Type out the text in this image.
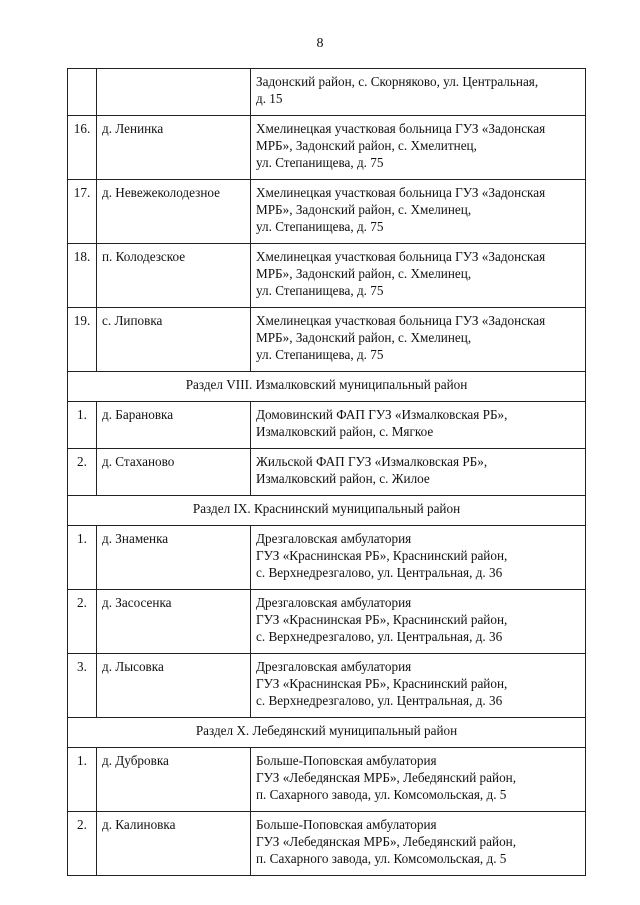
8

		Задонский район, с. Скорняково, ул. Центральная,
д. 15

16.	д. Ленинка	Хмелинецкая участковая больница ГУЗ «Задонская
МРБ», Задонский район, с. Хмелитнец,
ул. Степанищева, д. 75

17.	д. Невежеколодезное	Хмелинецкая участковая больница ГУЗ «Задонская
МРБ», Задонский район, с. Хмелинец,
ул. Степанищева, д. 75

18.	п. Колодезское	Хмелинецкая участковая больница ГУЗ «Задонская
МРБ», Задонский район, с. Хмелинец,
ул. Степанищева, д. 75

19.	с. Липовка	Хмелинецкая участковая больница ГУЗ «Задонская
МРБ», Задонский район, с. Хмелинец,
ул. Степанищева, д. 75

Раздел VIII. Измалковский муниципальный район		
1.	д. Барановка	Домовинский ФАП ГУЗ «Измалковская РБ»,
Измалковский район, с. Мягкое

2.	д. Стаханово	Жильской ФАП ГУЗ «Измалковская РБ»,
Измалковский район, с. Жилое

Раздел IX. Краснинский муниципальный район		
1.	д. Знаменка	Дрезгаловская амбулатория
ГУЗ «Краснинская РБ», Краснинский район,
с. Верхнедрезгалово, ул. Центральная, д. 36

2.	д. Засосенка	Дрезгаловская амбулатория
ГУЗ «Краснинская РБ», Краснинский район,
с. Верхнедрезгалово, ул. Центральная, д. 36

3.	д. Лысовка	Дрезгаловская амбулатория
ГУЗ «Краснинская РБ», Краснинский район,
с. Верхнедрезгалово, ул. Центральная, д. 36

Раздел X. Лебедянский муниципальный район		
1.	д. Дубровка	Больше-Поповская амбулатория
ГУЗ «Лебедянская МРБ», Лебедянский район,
п. Сахарного завода, ул. Комсомольская, д. 5

2.	д. Калиновка	Больше-Поповская амбулатория
ГУЗ «Лебедянская МРБ», Лебедянский район,
п. Сахарного завода, ул. Комсомольская, д. 5
